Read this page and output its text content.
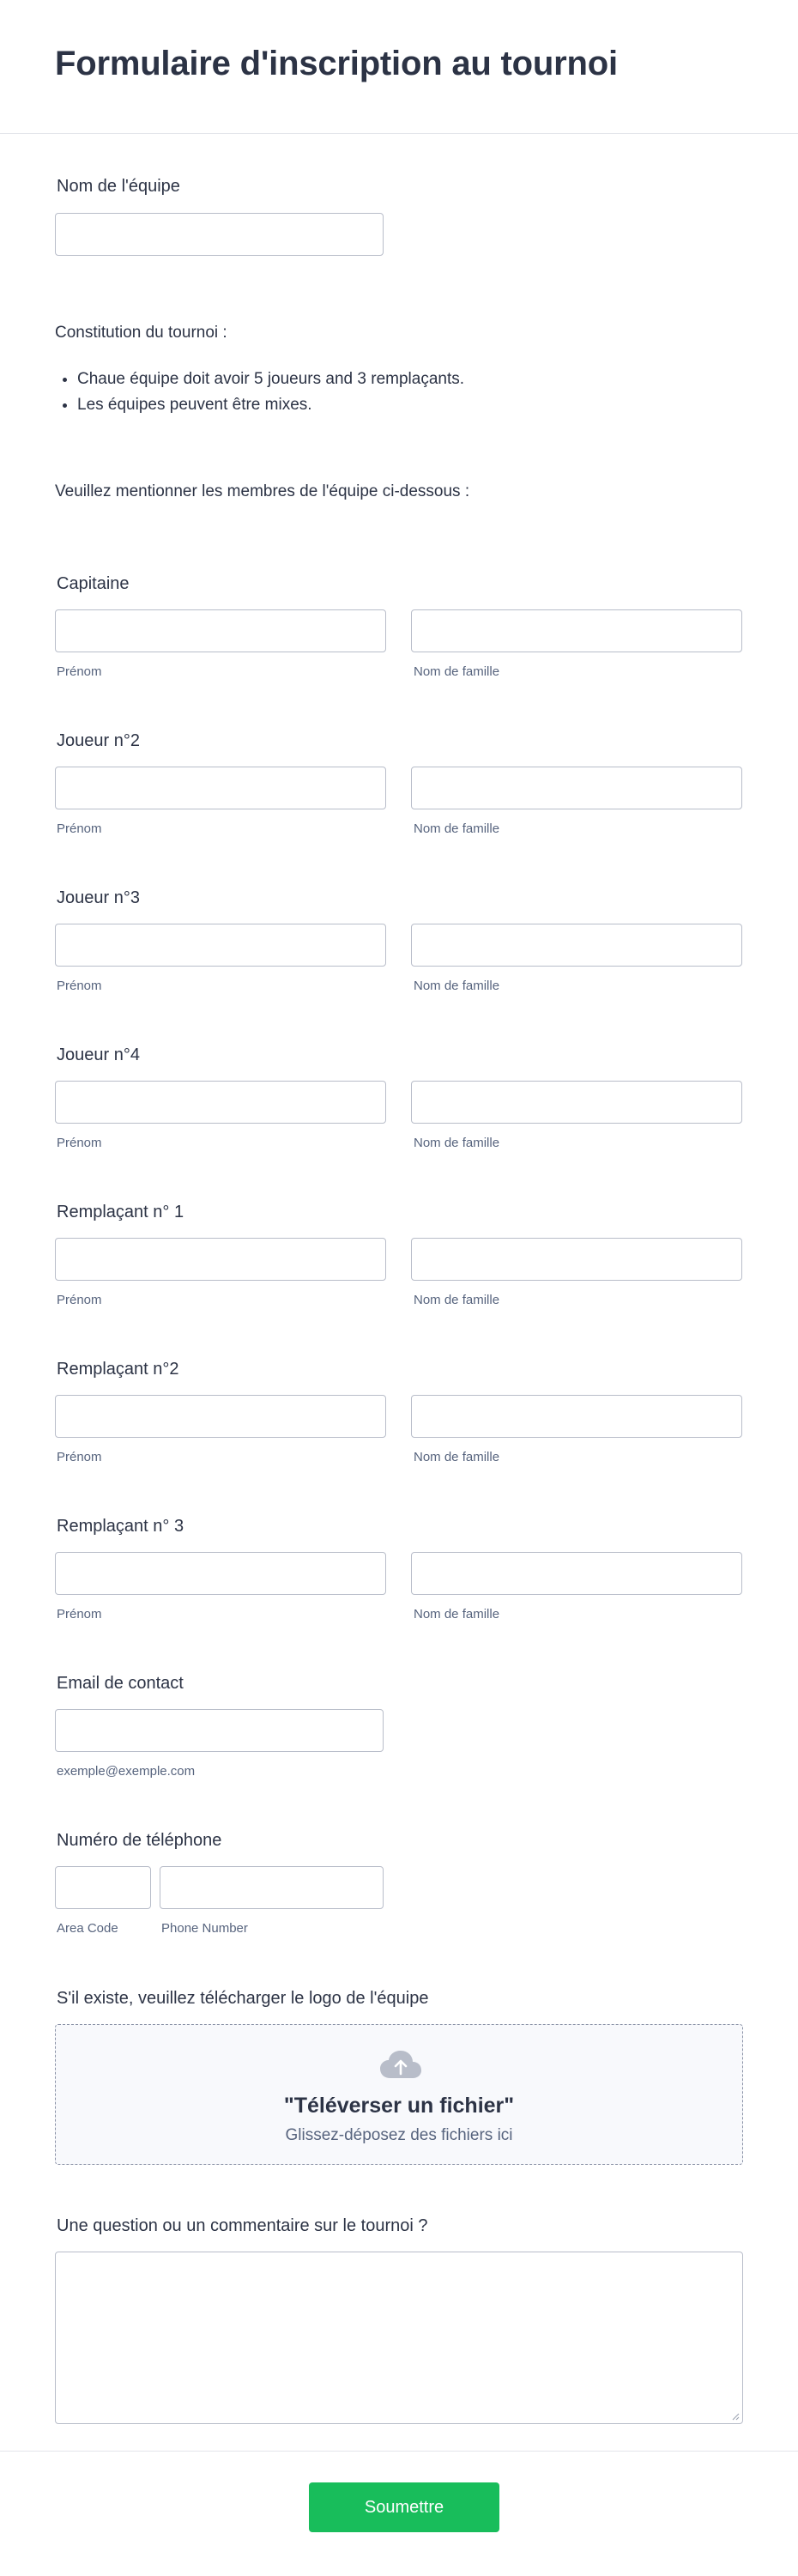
Formulaire d'inscription au tournoi
Nom de l'équipe
Constitution du tournoi :
• Chaue équipe doit avoir 5 joueurs and 3 remplaçants.
• Les équipes peuvent être mixes.
Veuillez mentionner les membres de l'équipe ci-dessous :
Capitaine
Prénom	Nom de famille
Joueur n°2
Prénom	Nom de famille
Joueur n°3
Prénom	Nom de famille
Joueur n°4
Prénom	Nom de famille
Remplaçant n° 1
Prénom	Nom de famille
Remplaçant n°2
Prénom	Nom de famille
Remplaçant n° 3
Prénom	Nom de famille
Email de contact
exemple@exemple.com
Numéro de téléphone
Area Code	Phone Number
S'il existe, veuillez télécharger le logo de l'équipe
"Téléverser un fichier"
Glissez-déposez des fichiers ici
Une question ou un commentaire sur le tournoi ?
Soumettre
